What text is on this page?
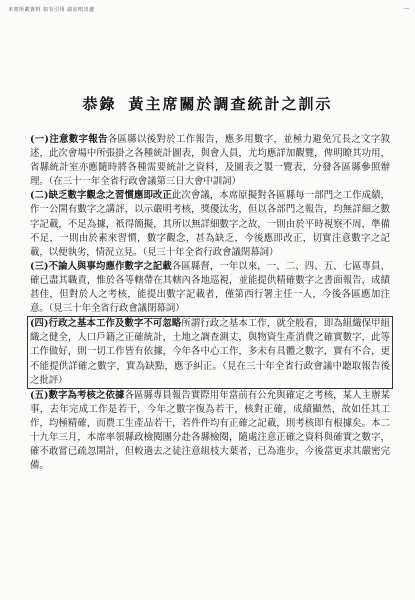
本書所載資料 如有引用 請註明出處	一
恭錄 黃主席關於調查統計之訓示

(一)注意數字報告各區縣以後對於工作報告，應多用數字，並極力避免冗長之文字敘述，此次會場中所張掛之各種統計圖表，與會人員，尤均應詳加觀覽，俾明瞭其功用，省縣統計室亦應隨時將各種需要統計之資料，及圖表之製一覽表，分發各區縣參照辦理。（在三十一年全省行政會議第三日大會中訓詞）

(二)缺乏數字觀念之習慣應即改正此次會議，本席原擬對各區縣每一部門之工作成績，作一公開有數字之講評，以示嚴明考核，獎優汰劣，但以各部門之報告，均無詳細之數字記載，不足為據，祇得簡擬，其所以無詳細數字之故，一則由於平時視察不周，準備不足，一則由於素來習慣，數字觀念，甚為缺乏，今後應即改正，切實注意數字之記載，以便執劣，情況立見。（見三十年全省行政會議閉幕詞）

(三)不論人與事均應作數字之記載各區縣督，一年以來，一、二、四、五、七區專員，確已盡其職責，惟於各等轄帶在其轄內各地巡視，並能提供精確數字之書面報告，成績甚佳，但對於人之考核，能提出數字記載者，僅第西行署主任一人，今後各區應加注意。（見三十年全省行政會議閉幕詞）

(四)行政之基本工作及數字不可忽略所謂行政之基本工作，就全般看，即為組織保甲組織之健全，人口戶籍之正確統計，土地之調查測丈，與物資生產消費之確實數字，此等工作做好，則一切工作皆有依據，今年各中心工作，多未有具體之數字，實有不合，更不能提供詳確之數字，實為缺點，應予糾正。（見在三十年全省行政會議中聽取報告後之批評）

(五)數字為考核之依據各區縣專員報告實際用年當前有公允與確定之考核，某人主辦某事，去年完成工作是若干，今年之數字復為若干，核對正確，成績顯然，故如任其工作，均極精確，而農工生產品若干，若件件均有正確之記載，則考核即有根據矣。本二十九年三月，本席率領縣政檢閱團分赴各縣檢閱，隨處注意正確之資料與確實之數字，確不敢嘗已疏忽開計，但較過去之徒注意組枝大葉者，已為進步，今後當更求其嚴密完備。
